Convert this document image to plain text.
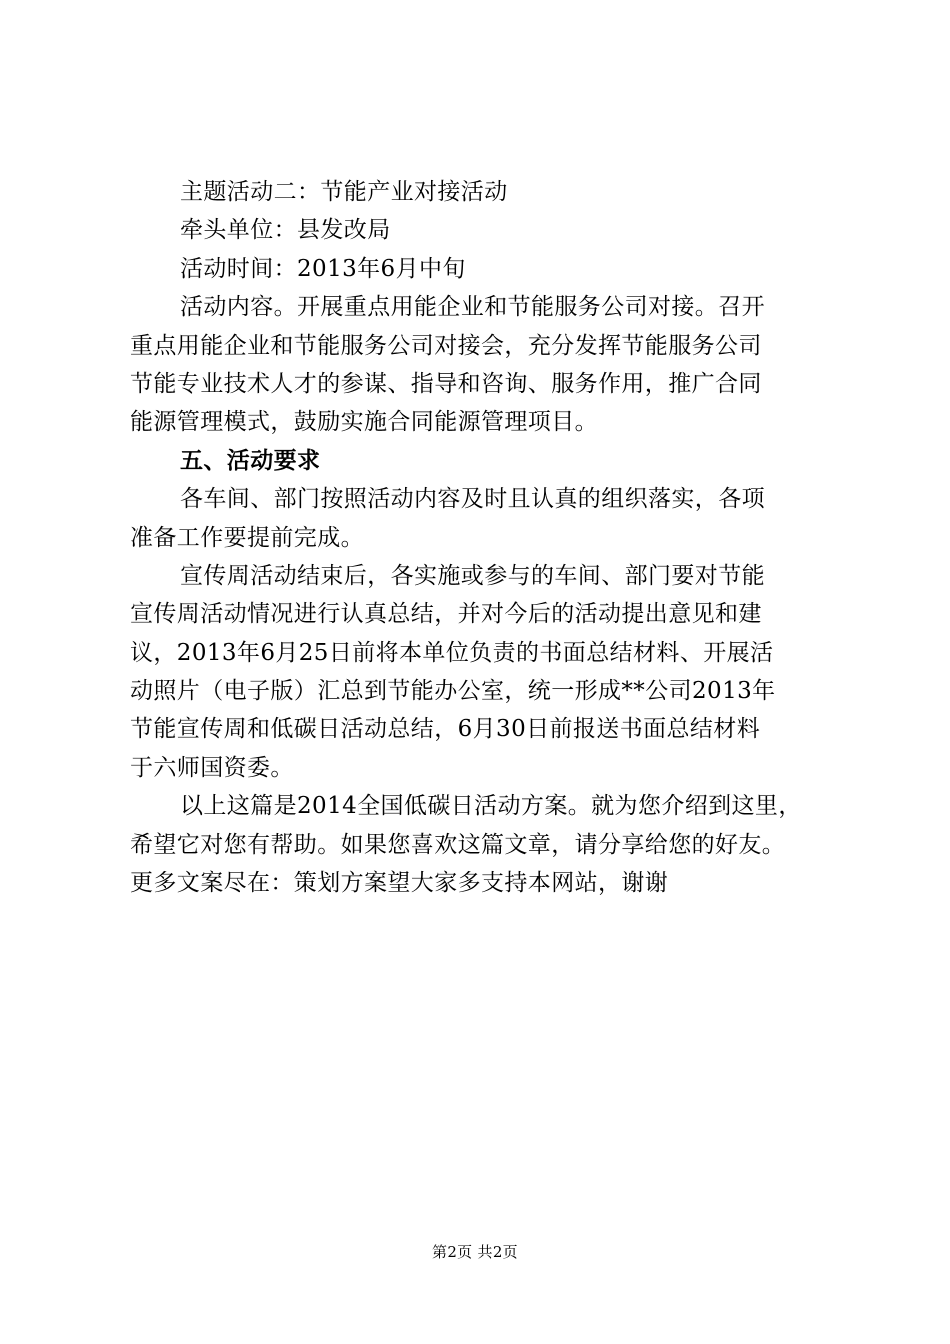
主题活动二：节能产业对接活动
牵头单位：县发改局
活动时间：2013年6月中旬
活动内容。开展重点用能企业和节能服务公司对接。召开
重点用能企业和节能服务公司对接会，充分发挥节能服务公司
节能专业技术人才的参谋、指导和咨询、服务作用，推广合同
能源管理模式，鼓励实施合同能源管理项目。
五、活动要求
各车间、部门按照活动内容及时且认真的组织落实，各项
准备工作要提前完成。
宣传周活动结束后，各实施或参与的车间、部门要对节能
宣传周活动情况进行认真总结，并对今后的活动提出意见和建
议，2013年6月25日前将本单位负责的书面总结材料、开展活
动照片（电子版）汇总到节能办公室，统一形成**公司2013年
节能宣传周和低碳日活动总结，6月30日前报送书面总结材料
于六师国资委。
以上这篇是2014全国低碳日活动方案。就为您介绍到这里，
希望它对您有帮助。如果您喜欢这篇文章，请分享给您的好友。
更多文案尽在：策划方案望大家多支持本网站，谢谢
第2页 共2页
